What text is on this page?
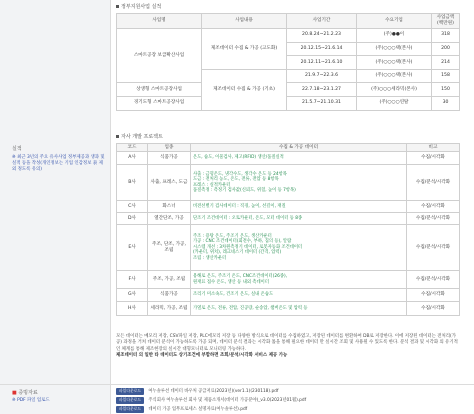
실적
※ 최근 3년의 주요 유사사업 정부제공과 생과 및 실적 등을 작성(개인정보는 기업 인감정보 表 제외 정도록 유의)
■ 증빙자료
※ PDF 파일 업로드
정부지원사업 실적
사업명	사업내용	사업기간	수요기업	사업금액
(백만원)
스마트공장 보급확산사업	제조데이터 수집 & 가공 (고도화)	20.8.24~21.2.23	(주)●●이	318
		20.12.15~21.6.14	(주)○○○택(본사)	200
		20.12.11~21.6.10	(주)○○○택(본사)	214
	제조데이터 수집 & 가공 (기초)	21.9.7~22.3.6	(주)○○○택(본사)	158
상생형 스마트공장사업		22.7.18~23.1.27	(주)○○○세라믹(본사)	150
경기도형 스마트공장사업		21.5.7~21.10.31	(주)○○○연탈	30
자사 개발 프로젝트
코드	업종	수집 & 가공 데이터	비고
A사	식품가공	온도, 습도, 이물검사, 제고(RFID) 생산/품질실적	수집/시각화
B사	사출, 프레스, 도금	사출 : 금형온도, 냉각수도, 생각수 온도 등 24항목
도금 : 전처리 농도, 온도, 전류, 전압 등 8항목
프레스 : 실적카운터
품질측정 : 측정기 검사값(신뢰도, 위험, 높이 등 7항목)	수집/분석/시각화
C사	화스너	비전선별기 검사데이터 : 직경, 높이, 선길이, 재질	수집/시각화
D사	열간단조, 가공	단조기 조건데이터 : 오토카운터, 온도, 모터 데이터 등 8종	수집/분석/시각화
E사	주조, 단조, 가공, 조립	주조 : 용탕 온도, 주조기 온도, 생산카운터
가공 : CNC 조건데이터(회전수, 부하, 칩의 등), 알람
시스템 개선 : 3차원측정기 데이터, 로봇자동화 조건데이터
(카운터, 위치), 레크네스기 데이터 (간격, 압력)
조립 : 생산카운터	수집/분석/시각화
F사	주조, 가공, 조립	용해로 온도, 주조기 온도, CNC조건데이터(26종),
원재료 접수 온도, 생산 등 내외 측데이터	수집/분석/시각화
G사	식품가공	조리기 미소속도, 건조기 온도, 실내 온습도	수집/시각화
H사	세라믹, 가공, 조립	가열로 온도, 전류, 전압, 진공량, 순송압, 챔버온도 및 압력 등	수집/시각화
모든 데이터는 메모리 저장, CSV파일 저장, PLC에모리 저장 등 다양한 방식으로 데이터를 수집하였고, 저장된 데이터를 변환하여 DB로 저장한다. 이에 저장된 데이터는 전처리(가공) 과정을 거쳐 데이터 분석이 가능하도록 가공 되며, 데이터 분석 결과는 시각화 툴을 통해 필요한 데이터 만 실시간 조회 및 사용될 수 있도록 한다. 분석 결과 및 시각화 의 유기적인 체계를 통해 제조현장의 실시간 대형모니터로 모니터링 가능하다.
제조데이터 의 일반 타 데이터도 상기조건에 부합하면 조회/분석/시각화 서비스 제공 가능
파일다운로드 여누솔루션 데이터 바우처 공급저료(2023년)(ver1.1)(230118).pdf
파일다운로드 주식회사 여누솔루션 회사 및 제품소개서(데이터 가공분야)_v3.0(2023년01월).pdf
파일다운로드 데이터 가공 업무프로세스 설명자료(여누솔루션).pdf
